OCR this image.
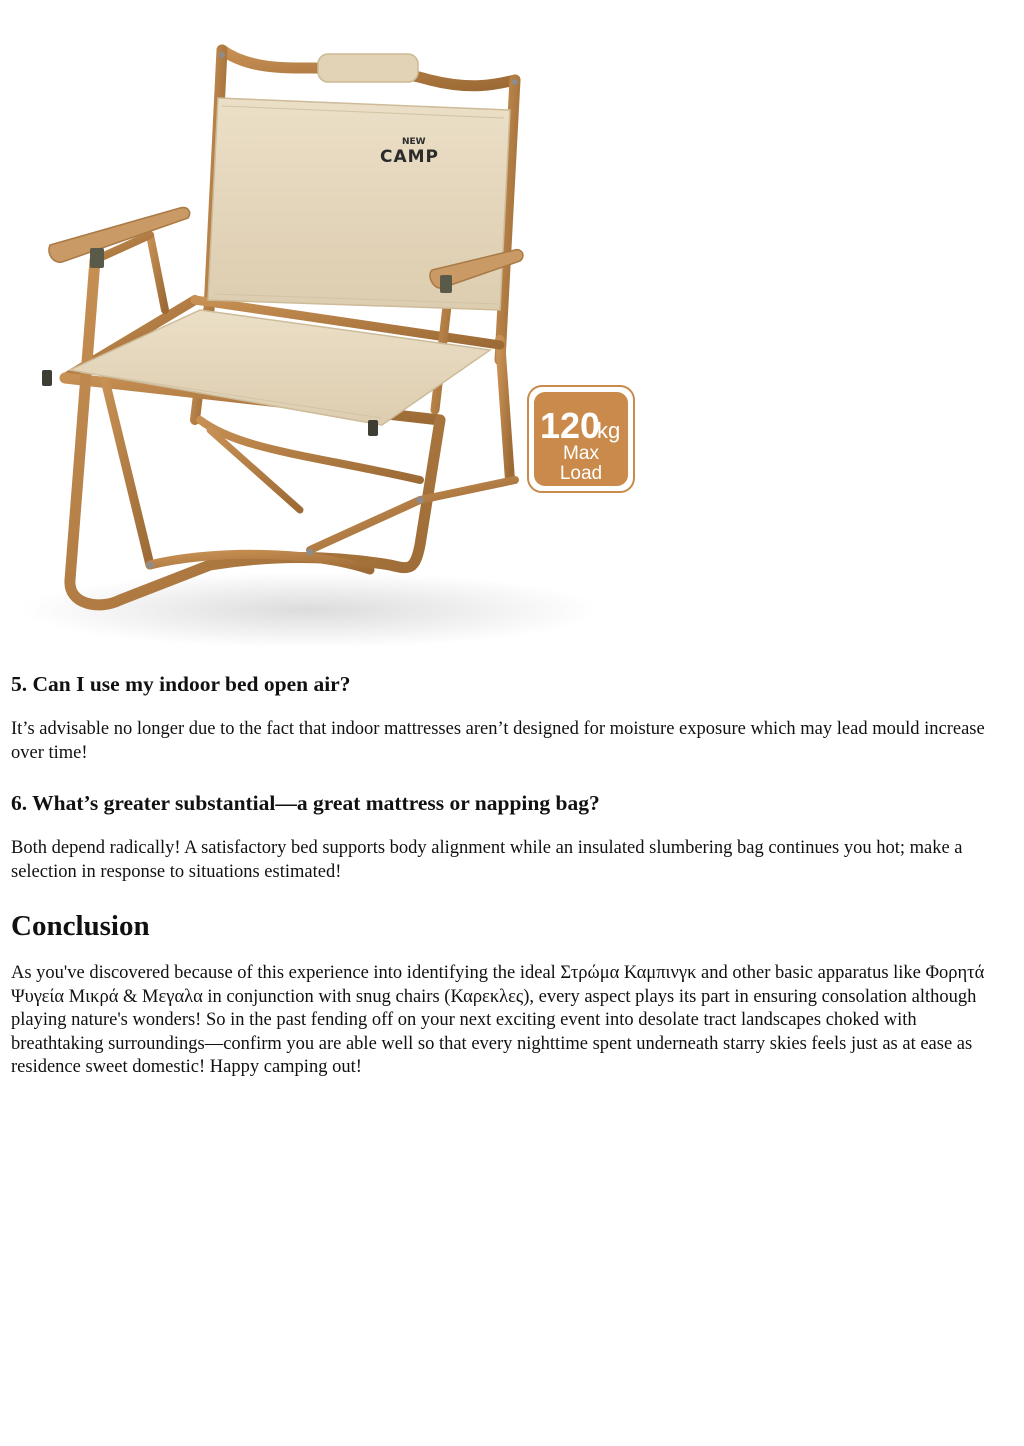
NEW
CAMP
120
kg
Max
Load
5. Can I use my indoor bed open air?

It’s advisable no longer due to the fact that indoor mattresses aren’t designed for moisture exposure which may lead mould increase over time!

6. What’s greater substantial—a great mattress or napping bag?

Both depend radically! A satisfactory bed supports body alignment while an insulated slumbering bag continues you hot; make a selection in response to situations estimated!

Conclusion

As you've discovered because of this experience into identifying the ideal Στρώμα Καμπινγκ and other basic apparatus like Φορητά Ψυγεία Μικρά & Μεγαλα in conjunction with snug chairs (Καρεκλες), every aspect plays its part in ensuring consolation although playing nature's wonders! So in the past fending off on your next exciting event into desolate tract landscapes choked with breathtaking surroundings—confirm you are able well so that every nighttime spent underneath starry skies feels just as at ease as residence sweet domestic! Happy camping out!
